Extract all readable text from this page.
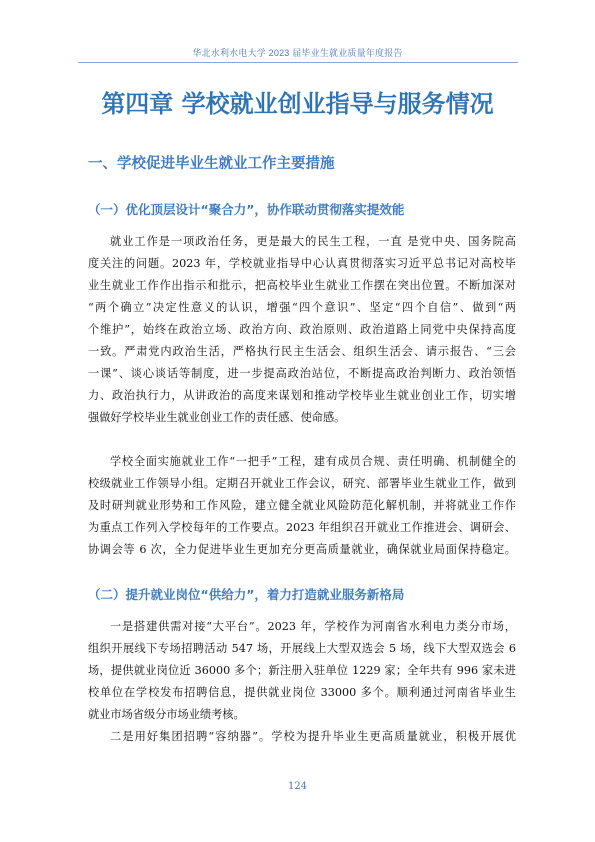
华北水利水电大学 2023 届毕业生就业质量年度报告
第四章 学校就业创业指导与服务情况
一、学校促进毕业生就业工作主要措施
（一）优化顶层设计“聚合力”，协作联动贯彻落实提效能
就业工作是一项政治任务，更是最大的民生工程，一直 是党中央、国务院高
度关注的问题。2023 年，学校就业指导中心认真贯彻落实习近平总书记对高校毕
业生就业工作作出指示和批示，把高校毕业生就业工作摆在突出位置。不断加深对
“两个确立”决定性意义的认识，增强“四个意识”、坚定“四个自信”、做到“两
个维护”，始终在政治立场、政治方向、政治原则、政治道路上同党中央保持高度
一致。严肃党内政治生活，严格执行民主生活会、组织生活会、请示报告、“三会
一课”、谈心谈话等制度，进一步提高政治站位，不断提高政治判断力、政治领悟
力、政治执行力，从讲政治的高度来谋划和推动学校毕业生就业创业工作，切实增
强做好学校毕业生就业创业工作的责任感、使命感。
学校全面实施就业工作“一把手”工程，建有成员合规、责任明确、机制健全的
校级就业工作领导小组。定期召开就业工作会议，研究、部署毕业生就业工作，做到
及时研判就业形势和工作风险，建立健全就业风险防范化解机制，并将就业工作作
为重点工作列入学校每年的工作要点。2023 年组织召开就业工作推进会、调研会、
协调会等 6 次，全力促进毕业生更加充分更高质量就业，确保就业局面保持稳定。
（二）提升就业岗位“供给力”，着力打造就业服务新格局
一是搭建供需对接“大平台”。2023 年，学校作为河南省水利电力类分市场，
组织开展线下专场招聘活动 547 场，开展线上大型双选会 5 场，线下大型双选会 6
场，提供就业岗位近 36000 多个；新注册入驻单位 1229 家；全年共有 996 家未进
校单位在学校发布招聘信息，提供就业岗位 33000 多个。顺利通过河南省毕业生
就业市场省级分市场业绩考核。
二是用好集团招聘“容纳器”。学校为提升毕业生更高质量就业，积极开展优
124
